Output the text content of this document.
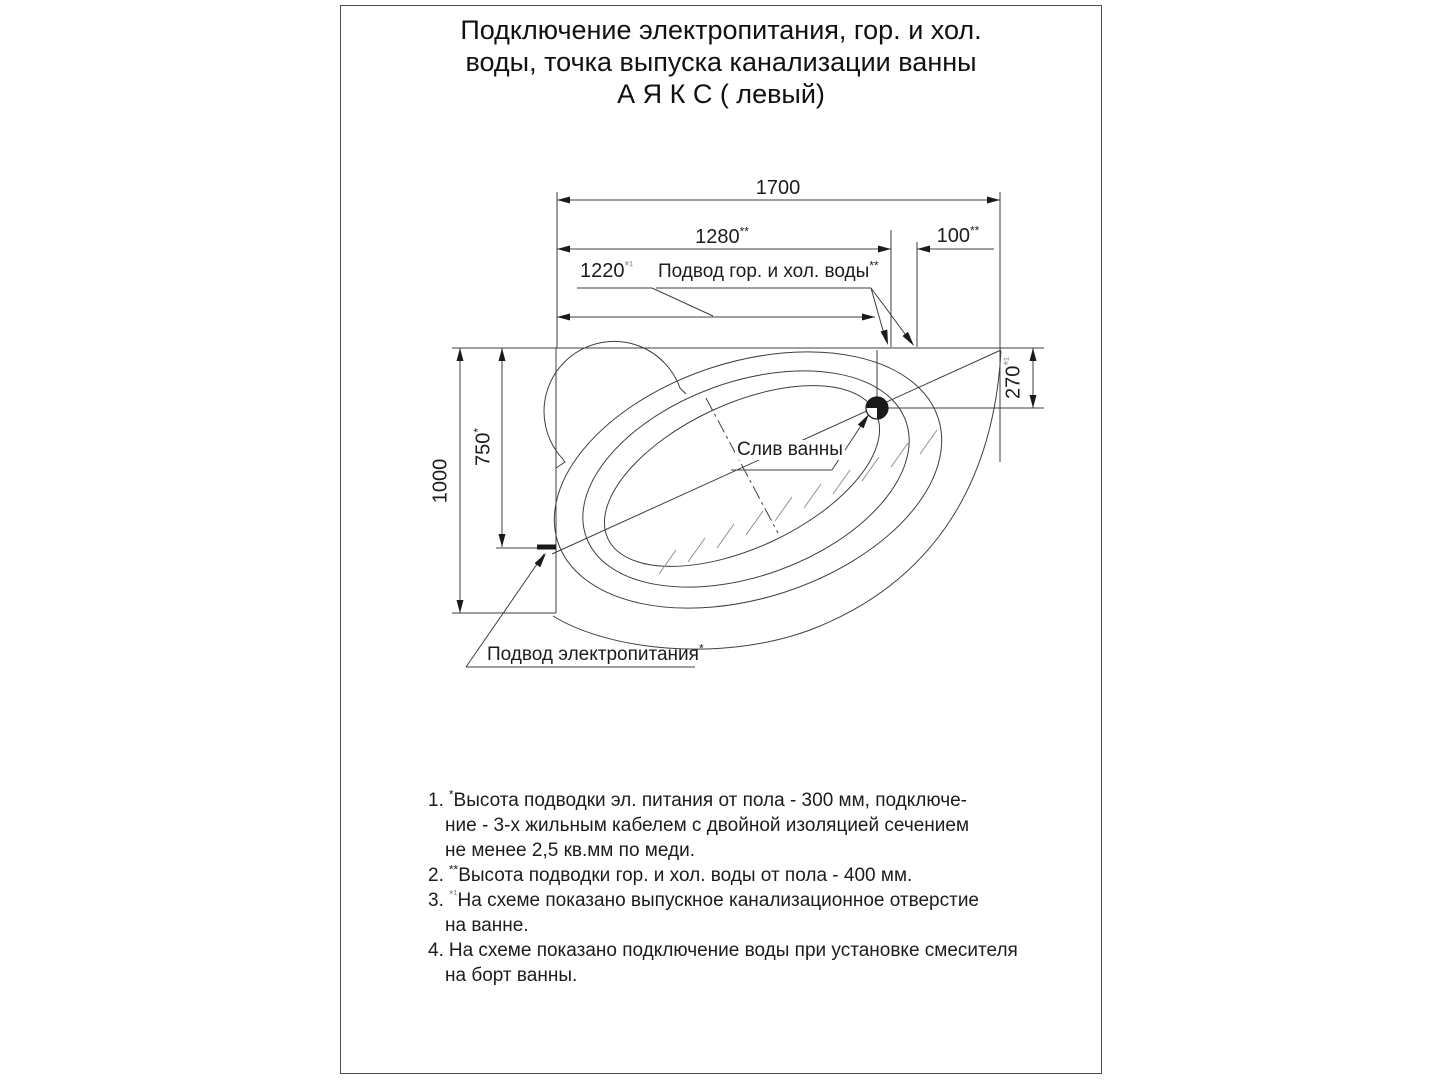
Подключение электропитания, гор. и хол.
воды, точка выпуска канализации ванны
А Я К С ( левый)
1700
1280**	100**
$1220^{*^1}$
$270^{*^1}$
1000
750*
Подвод гор. и хол. воды**
Слив ванны
Подвод электропитания*
1. *Высота подводки эл. питания от пола - 300 мм, подключе-
ние - 3-х жильным кабелем с двойной изоляцией сечением
не менее 2,5 кв.мм по меди.
2. **Высота подводки гор. и хол. воды от пола - 400 мм.
3. $^{*^1}$На схеме показано выпускное канализационное отверстие
на ванне.
4. На схеме показано подключение воды при установке смесителя
на борт ванны.
